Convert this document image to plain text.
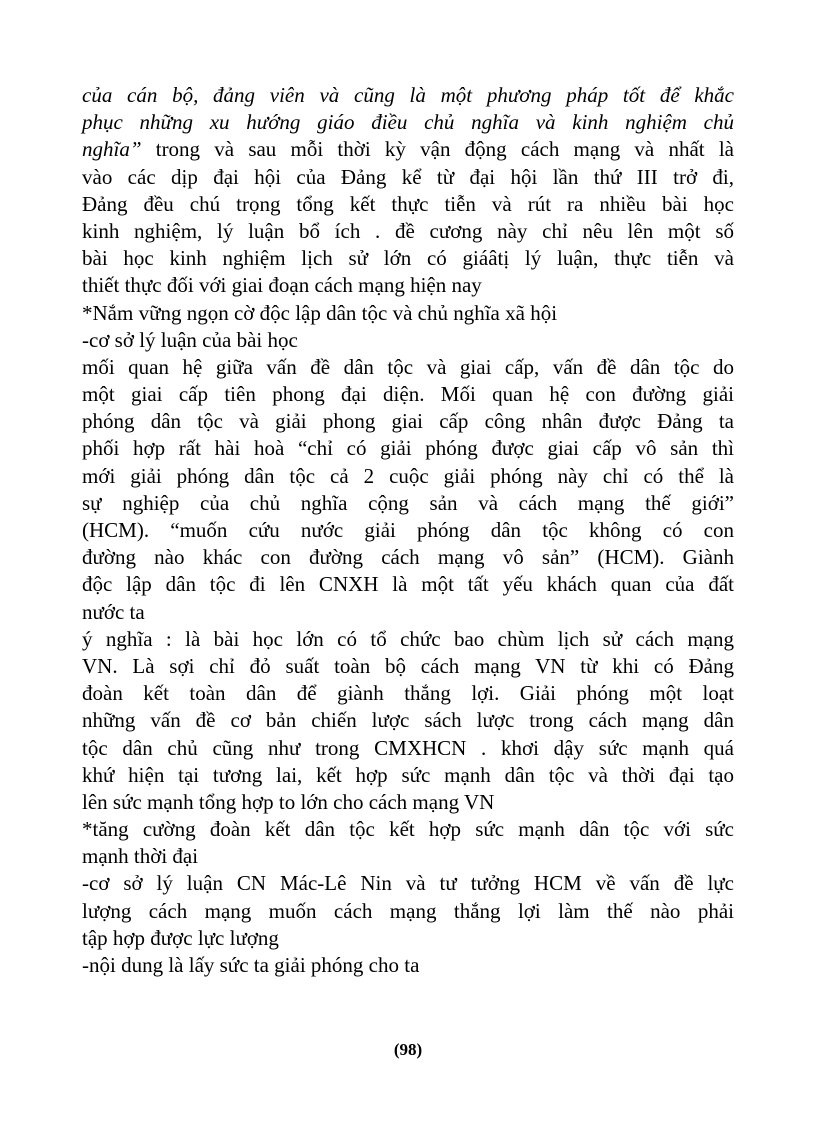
của cán bộ, đảng viên và cũng là một phương pháp tốt để khắc
phục những xu hướng giáo điều chủ nghĩa và kinh nghiệm chủ
nghĩa” trong và sau mỗi thời kỳ vận động cách mạng và nhất là
vào các dịp đại hội của Đảng kể từ đại hội lần thứ III trở đi,
Đảng đều chú trọng tổng kết thực tiễn và rút ra nhiều bài học
kinh nghiệm, lý luận bổ ích . đề cương này chỉ nêu lên một số
bài học kinh nghiệm lịch sử lớn có giáâtị lý luận, thực tiễn và
thiết thực đối với giai đoạn cách mạng hiện nay
*Nắm vững ngọn cờ độc lập dân tộc và chủ nghĩa xã hội
-cơ sở lý luận của bài học
mối quan hệ giữa vấn đề dân tộc và giai cấp, vấn đề dân tộc do
một giai cấp tiên phong đại diện. Mối quan hệ con đường giải
phóng dân tộc và giải phong giai cấp công nhân được Đảng ta
phối hợp rất hài hoà “chỉ có giải phóng được giai cấp vô sản thì
mới giải phóng dân tộc cả 2 cuộc giải phóng này chỉ có thể là
sự nghiệp của chủ nghĩa cộng sản và cách mạng thế giới”
(HCM). “muốn cứu nước giải phóng dân tộc không có con
đường nào khác con đường cách mạng vô sản” (HCM). Giành
độc lập dân tộc đi lên CNXH là một tất yếu khách quan của đất
nước ta
ý nghĩa : là bài học lớn có tổ chức bao chùm lịch sử cách mạng
VN. Là sợi chỉ đỏ suất toàn bộ cách mạng VN từ khi có Đảng
đoàn kết toàn dân để giành thắng lợi. Giải phóng một loạt
những vấn đề cơ bản chiến lược sách lược trong cách mạng dân
tộc dân chủ cũng như trong CMXHCN . khơi dậy sức mạnh quá
khứ hiện tại tương lai, kết hợp sức mạnh dân tộc và thời đại tạo
lên sức mạnh tổng hợp to lớn cho cách mạng VN
*tăng cường đoàn kết dân tộc kết hợp sức mạnh dân tộc với sức
mạnh thời đại
-cơ sở lý luận CN Mác-Lê Nin và tư tưởng HCM về vấn đề lực
lượng cách mạng muốn cách mạng thắng lợi làm thế nào phải
tập hợp được lực lượng
-nội dung là lấy sức ta giải phóng cho ta
(98)
